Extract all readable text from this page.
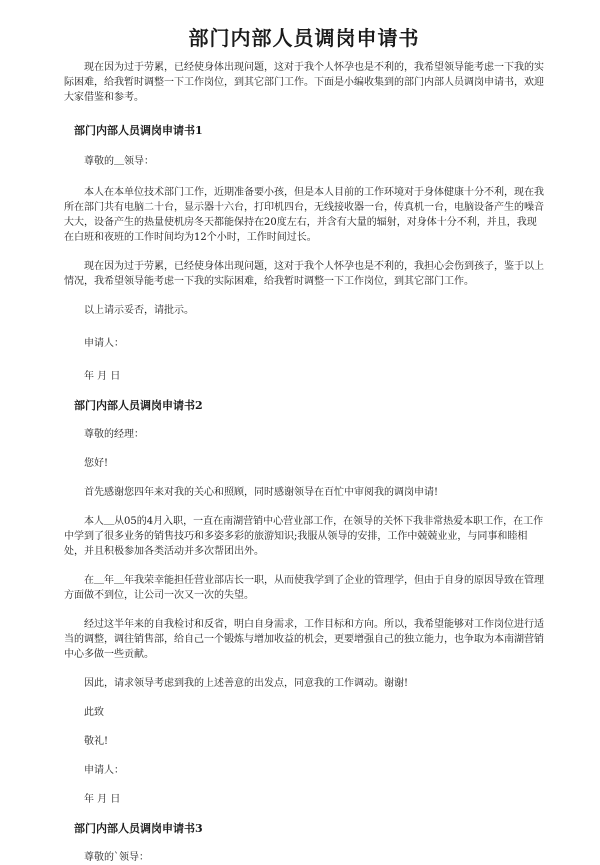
部门内部人员调岗申请书

现在因为过于劳累，已经使身体出现问题，这对于我个人怀孕也是不利的，我希望领导能考虑一下我的实际困难，给我暂时调整一下工作岗位，到其它部门工作。下面是小编收集到的部门内部人员调岗申请书，欢迎大家借鉴和参考。

部门内部人员调岗申请书1

尊敬的＿领导：

本人在本单位技术部门工作，近期准备要小孩，但是本人目前的工作环境对于身体健康十分不利，现在我所在部门共有电脑二十台，显示器十六台，打印机四台，无线接收器一台，传真机一台，电脑设备产生的噪音大大，设备产生的热量使机房冬天都能保持在20度左右，并含有大量的辐射，对身体十分不利，并且，我现在白班和夜班的工作时间均为12个小时，工作时间过长。

现在因为过于劳累，已经使身体出现问题，这对于我个人怀孕也是不利的，我担心会伤到孩子，鉴于以上情况，我希望领导能考虑一下我的实际困难，给我暂时调整一下工作岗位，到其它部门工作。

以上请示妥否，请批示。

申请人：

年 月 日

部门内部人员调岗申请书2

尊敬的经理：

您好!

首先感谢您四年来对我的关心和照顾，同时感谢领导在百忙中审阅我的调岗申请!

本人＿从05的4月入职，一直在南湖营销中心营业部工作，在领导的关怀下我非常热爱本职工作，在工作中学到了很多业务的销售技巧和多姿多彩的旅游知识;我服从领导的安排，工作中兢兢业业，与同事和睦相处，并且积极参加各类活动并多次帮团出外。

在＿年＿年我荣幸能担任营业部店长一职，从而使我学到了企业的管理学，但由于自身的原因导致在管理方面做不到位，让公司一次又一次的失望。

经过这半年来的自我检讨和反省，明白自身需求，工作目标和方向。所以，我希望能够对工作岗位进行适当的调整，调往销售部，给自己一个锻炼与增加收益的机会，更要增强自己的独立能力，也争取为本南湖营销中心多做一些贡献。

因此，请求领导考虑到我的上述善意的出发点，同意我的工作调动。谢谢!

此致

敬礼!

申请人：

年 月 日

部门内部人员调岗申请书3

尊敬的`领导：
